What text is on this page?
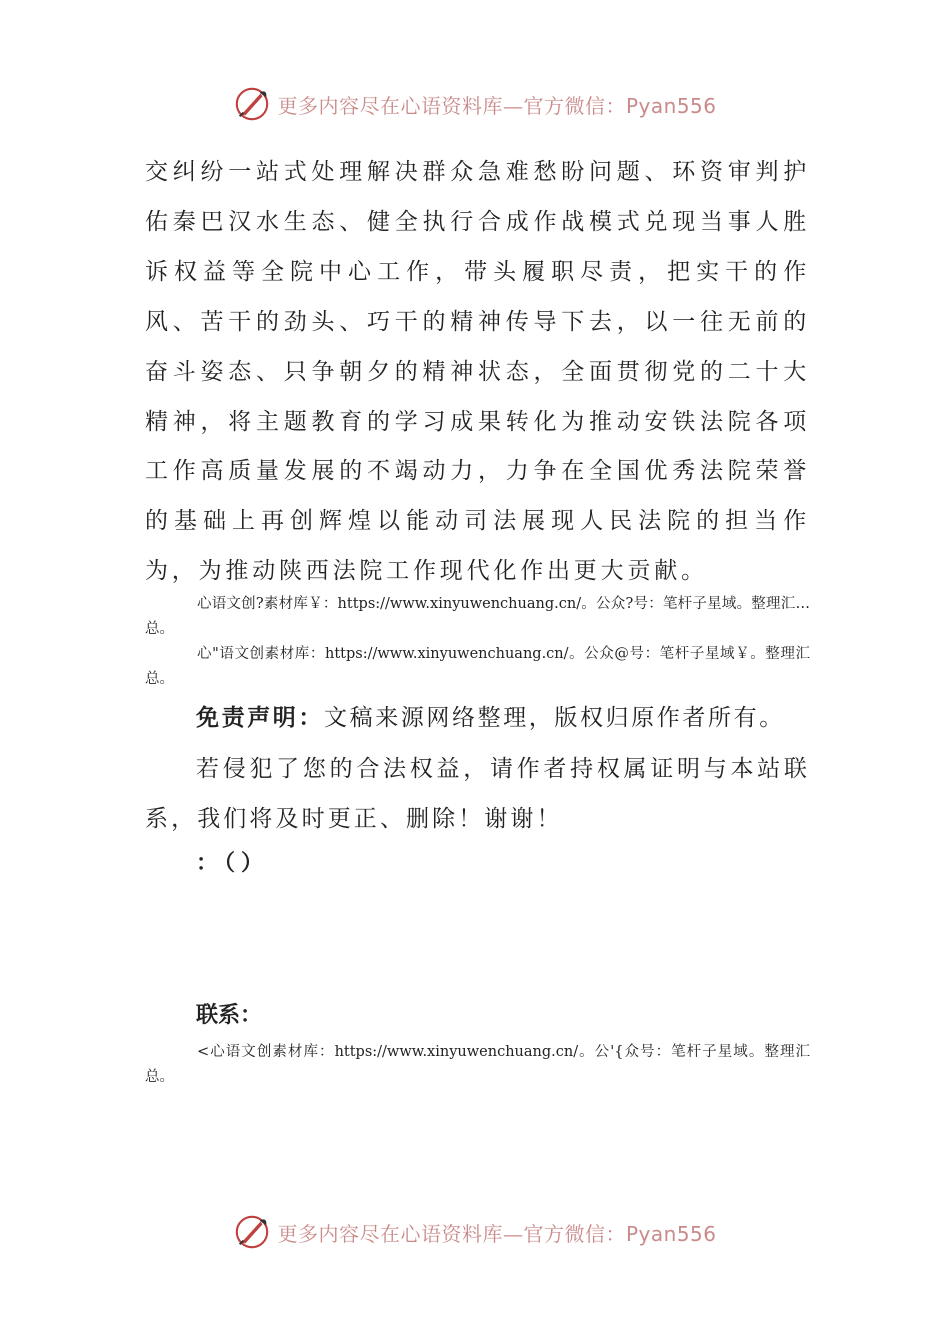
更多内容尽在心语资料库—官方微信：Pyan556

交纠纷一站式处理解决群众急难愁盼问题、环资审判护佑秦巴汉水生态、健全执行合成作战模式兑现当事人胜诉权益等全院中心工作，带头履职尽责，把实干的作风、苦干的劲头、巧干的精神传导下去，以一往无前的奋斗姿态、只争朝夕的精神状态，全面贯彻党的二十大精神，将主题教育的学习成果转化为推动安铁法院各项工作高质量发展的不竭动力，力争在全国优秀法院荣誉的基础上再创辉煌以能动司法展现人民法院的担当作为，为推动陕西法院工作现代化作出更大贡献。

心语文创?素材库￥：https://www.xinyuwenchuang.cn/。公众?号：笔杆子星域。整理汇…总。

心"语文创素材库：https://www.xinyuwenchuang.cn/。公众@号：笔杆子星域￥。整理汇总。

免责声明：文稿来源网络整理，版权归原作者所有。

若侵犯了您的合法权益，请作者持权属证明与本站联系，我们将及时更正、删除！谢谢！

：（）

联系：

<心语文创素材库：https://www.xinyuwenchuang.cn/。公'{众号：笔杆子星域。整理汇总。

更多内容尽在心语资料库—官方微信：Pyan556
